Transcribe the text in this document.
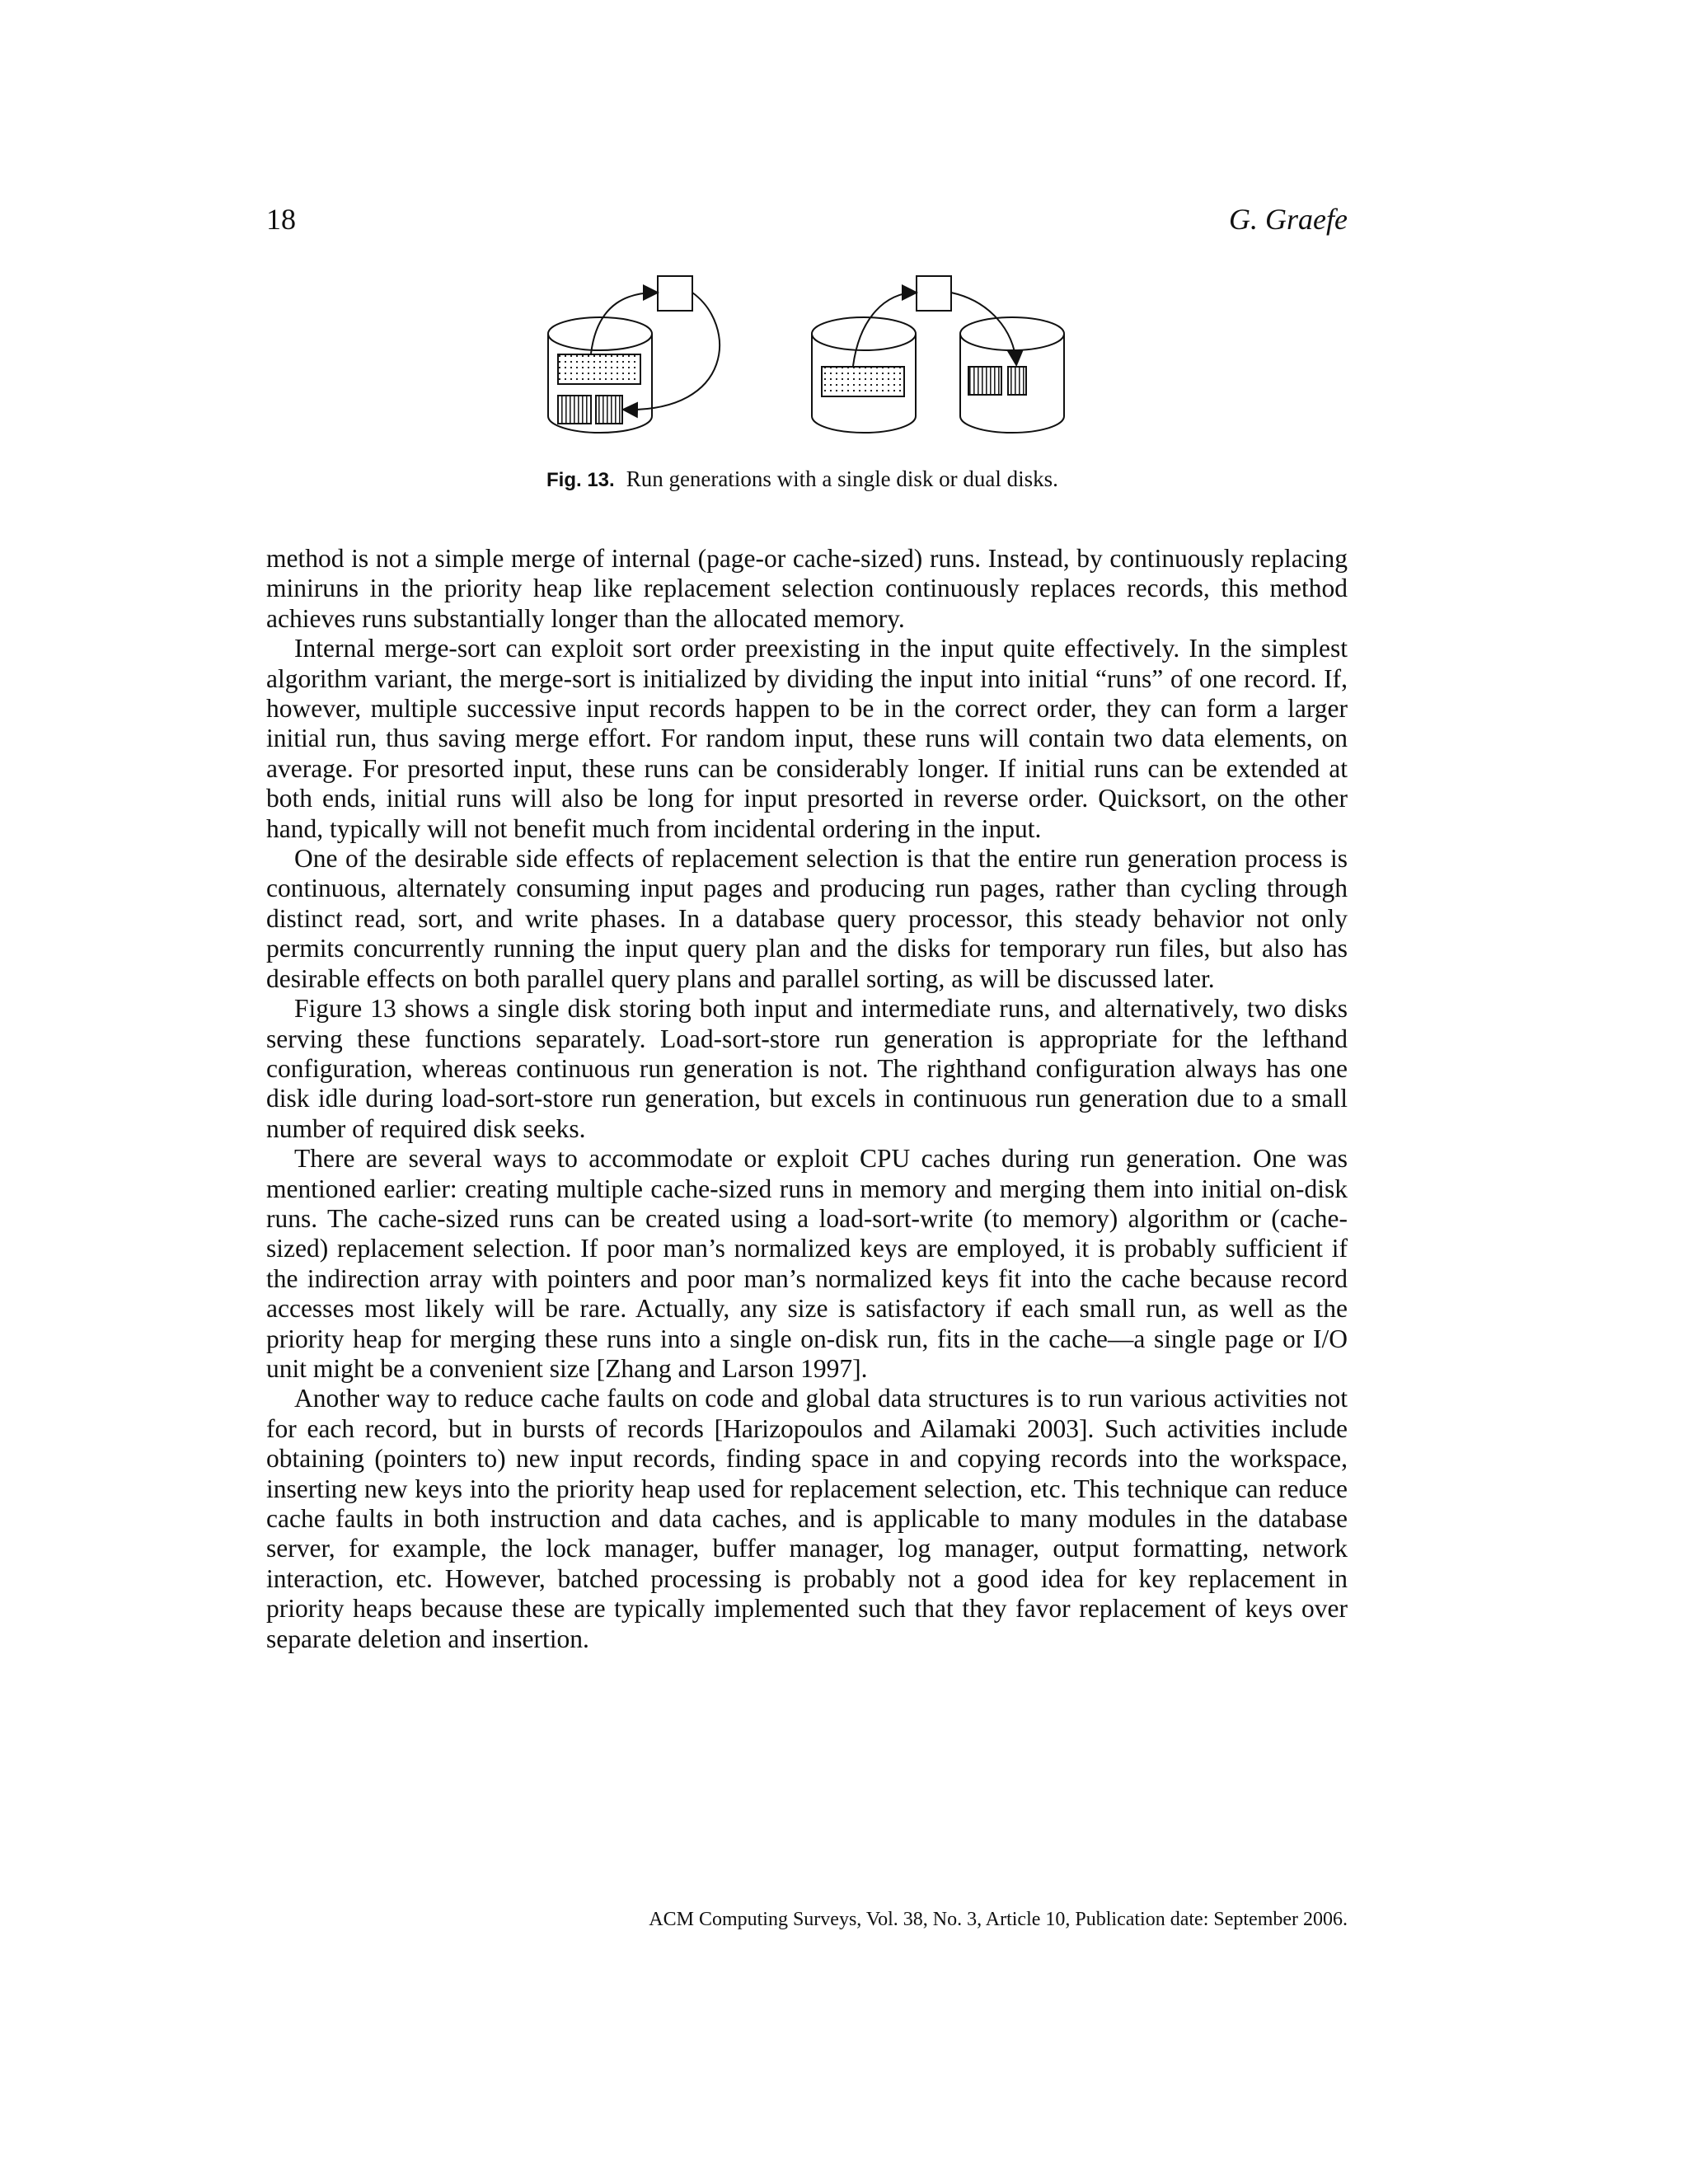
18	G. Graefe
Fig. 13. Run generations with a single disk or dual disks.

method is not a simple merge of internal (page-or cache-sized) runs. Instead, by continuously replacing miniruns in the priority heap like replacement selection continuously replaces records, this method achieves runs substantially longer than the allocated memory.

Internal merge-sort can exploit sort order preexisting in the input quite effectively. In the simplest algorithm variant, the merge-sort is initialized by dividing the input into initial “runs” of one record. If, however, multiple successive input records happen to be in the correct order, they can form a larger initial run, thus saving merge effort. For random input, these runs will contain two data elements, on average. For presorted input, these runs can be considerably longer. If initial runs can be extended at both ends, initial runs will also be long for input presorted in reverse order. Quicksort, on the other hand, typically will not benefit much from incidental ordering in the input.

One of the desirable side effects of replacement selection is that the entire run generation process is continuous, alternately consuming input pages and producing run pages, rather than cycling through distinct read, sort, and write phases. In a database query processor, this steady behavior not only permits concurrently running the input query plan and the disks for temporary run files, but also has desirable effects on both parallel query plans and parallel sorting, as will be discussed later.

Figure 13 shows a single disk storing both input and intermediate runs, and alternatively, two disks serving these functions separately. Load-sort-store run generation is appropriate for the lefthand configuration, whereas continuous run generation is not. The righthand configuration always has one disk idle during load-sort-store run generation, but excels in continuous run generation due to a small number of required disk seeks.

There are several ways to accommodate or exploit CPU caches during run generation. One was mentioned earlier: creating multiple cache-sized runs in memory and merging them into initial on-disk runs. The cache-sized runs can be created using a load-sort-write (to memory) algorithm or (cache-sized) replacement selection. If poor man’s normalized keys are employed, it is probably sufficient if the indirection array with pointers and poor man’s normalized keys fit into the cache because record accesses most likely will be rare. Actually, any size is satisfactory if each small run, as well as the priority heap for merging these runs into a single on-disk run, fits in the cache—a single page or I/O unit might be a convenient size [Zhang and Larson 1997].

Another way to reduce cache faults on code and global data structures is to run various activities not for each record, but in bursts of records [Harizopoulos and Ailamaki 2003]. Such activities include obtaining (pointers to) new input records, finding space in and copying records into the workspace, inserting new keys into the priority heap used for replacement selection, etc. This technique can reduce cache faults in both instruction and data caches, and is applicable to many modules in the database server, for example, the lock manager, buffer manager, log manager, output formatting, network interaction, etc. However, batched processing is probably not a good idea for key replacement in priority heaps because these are typically implemented such that they favor replacement of keys over separate deletion and insertion.

ACM Computing Surveys, Vol. 38, No. 3, Article 10, Publication date: September 2006.
